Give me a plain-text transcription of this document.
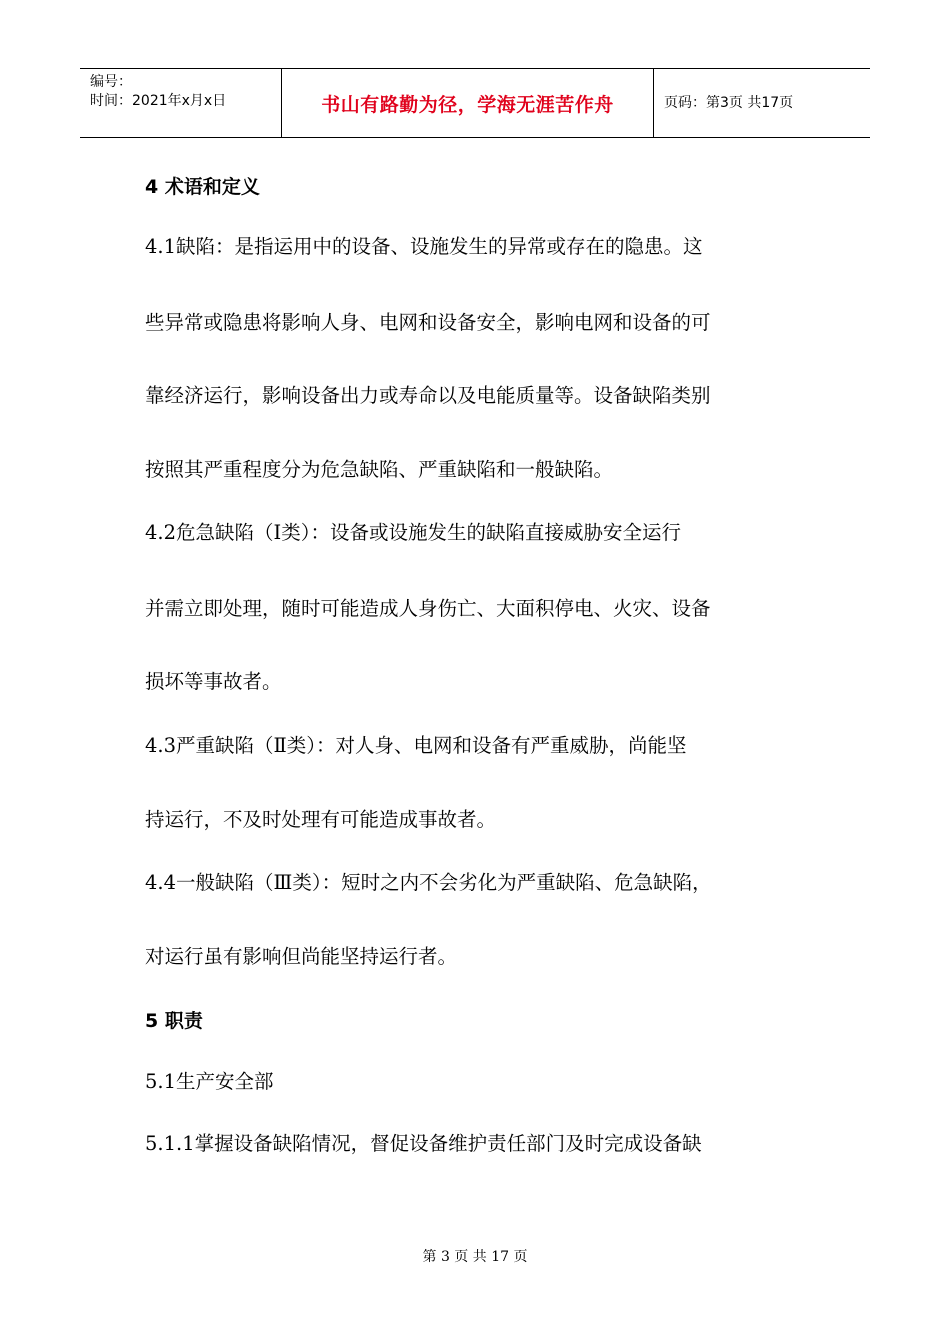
编号：
时间：2021年x月x日	书山有路勤为径，学海无涯苦作舟	页码：第3页 共17页
4 术语和定义
4.1缺陷：是指运用中的设备、设施发生的异常或存在的隐患。这
些异常或隐患将影响人身、电网和设备安全，影响电网和设备的可
靠经济运行，影响设备出力或寿命以及电能质量等。设备缺陷类别
按照其严重程度分为危急缺陷、严重缺陷和一般缺陷。
4.2危急缺陷（Ⅰ类）：设备或设施发生的缺陷直接威胁安全运行
并需立即处理，随时可能造成人身伤亡、大面积停电、火灾、设备
损坏等事故者。
4.3严重缺陷（Ⅱ类）：对人身、电网和设备有严重威胁，尚能坚
持运行，不及时处理有可能造成事故者。
4.4一般缺陷（Ⅲ类）：短时之内不会劣化为严重缺陷、危急缺陷，
对运行虽有影响但尚能坚持运行者。
5 职责
5.1生产安全部
5.1.1掌握设备缺陷情况，督促设备维护责任部门及时完成设备缺
第 3 页 共 17 页
